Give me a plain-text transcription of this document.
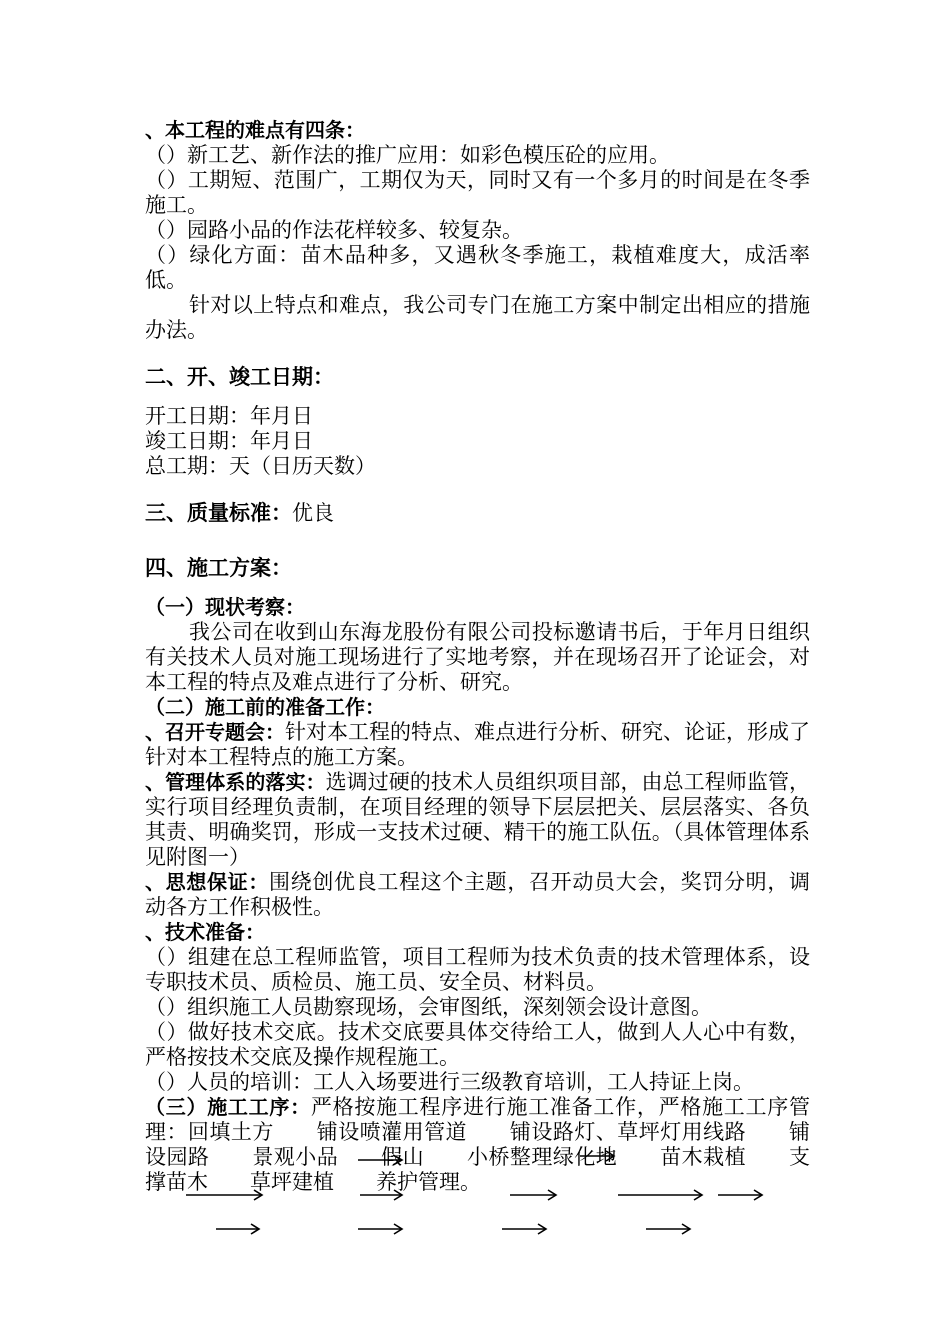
、本工程的难点有四条：

（）新工艺、新作法的推广应用：如彩色模压砼的应用。

（）工期短、范围广，工期仅为天，同时又有一个多月的时间是在冬季施工。

（）园路小品的作法花样较多、较复杂。

（）绿化方面：苗木品种多，又遇秋冬季施工，栽植难度大，成活率低。

针对以上特点和难点，我公司专门在施工方案中制定出相应的措施办法。

二、开、竣工日期：

开工日期：年月日

竣工日期：年月日

总工期：天（日历天数）

三、质量标准：优良

四、施工方案：

（一）现状考察：

我公司在收到山东海龙股份有限公司投标邀请书后，于年月日组织有关技术人员对施工现场进行了实地考察，并在现场召开了论证会，对本工程的特点及难点进行了分析、研究。

（二）施工前的准备工作：

、召开专题会：针对本工程的特点、难点进行分析、研究、论证，形成了针对本工程特点的施工方案。

、管理体系的落实：选调过硬的技术人员组织项目部，由总工程师监管，实行项目经理负责制，在项目经理的领导下层层把关、层层落实、各负其责、明确奖罚，形成一支技术过硬、精干的施工队伍。（具体管理体系见附图一）

、思想保证：围绕创优良工程这个主题，召开动员大会，奖罚分明，调动各方工作积极性。

、技术准备：

（）组建在总工程师监管，项目工程师为技术负责的技术管理体系，设专职技术员、质检员、施工员、安全员、材料员。

（）组织施工人员勘察现场，会审图纸，深刻领会设计意图。

（）做好技术交底。技术交底要具体交待给工人，做到人人心中有数，严格按技术交底及操作规程施工。

（）人员的培训：工人入场要进行三级教育培训，工人持证上岗。

（三）施工工序：严格按施工程序进行施工准备工作，严格施工工序管理：回填土方　　铺设喷灌用管道　　铺设路灯、草坪灯用线路　　铺设园路　　景观小品　　假山　　小桥整理绿化地　　苗木栽植　　支撑苗木　　草坪建植　　养护管理。
